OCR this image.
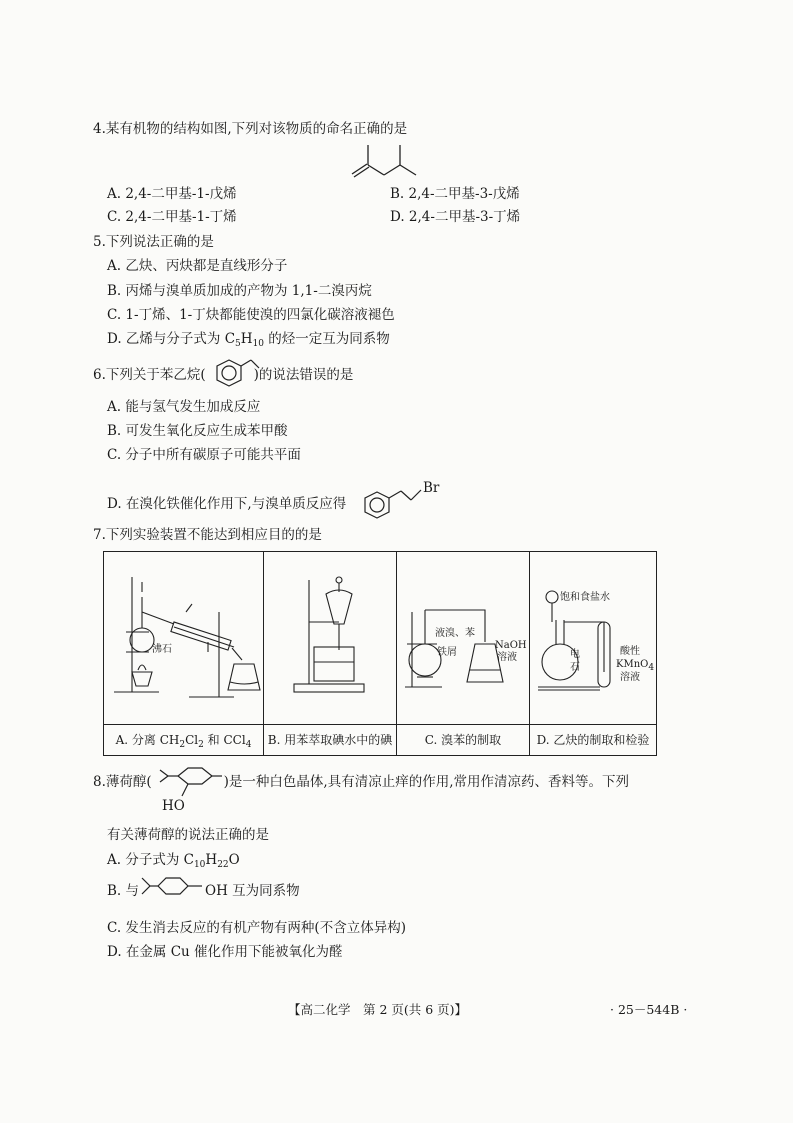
4.某有机物的结构如图,下列对该物质的命名正确的是
A. 2,4-二甲基-1-戊烯	B. 2,4-二甲基-3-戊烯
C. 2,4-二甲基-1-丁烯	D. 2,4-二甲基-3-丁烯
5.下列说法正确的是
A. 乙炔、丙炔都是直线形分子
B. 丙烯与溴单质加成的产物为 1,1-二溴丙烷
C. 1-丁烯、1-丁炔都能使溴的四氯化碳溶液褪色
D. 乙烯与分子式为 $C_5H_{10}$ 的烃一定互为同系物
6.下列关于苯乙烷(	)的说法错误的是
A. 能与氢气发生加成反应
B. 可发生氧化反应生成苯甲酸
C. 分子中所有碳原子可能共平面
D. 在溴化铁催化作用下,与溴单质反应得
Br
7.下列实验装置不能达到相应目的的是
沸石
A. 分离 $CH_2Cl_2$ 和 CCl$_4$	B. 用苯萃取碘水中的碘
液溴、苯
铁屑
NaOH
溶液
C. 溴苯的制取
饱和食盐水
电
石
酸性
KMnO4
溶液
D. 乙炔的制取和检验
8.薄荷醇(	)是一种白色晶体,具有清凉止痒的作用,常用作清凉药、香料等。下列
HO
有关薄荷醇的说法正确的是
A. 分子式为 $C_{10}H_{22}O$
B. 与	OH 互为同系物
C. 发生消去反应的有机产物有两种(不含立体异构)
D. 在金属 Cu 催化作用下能被氧化为醛
【高二化学　第 2 页(共 6 页)】	· 25－544B ·
